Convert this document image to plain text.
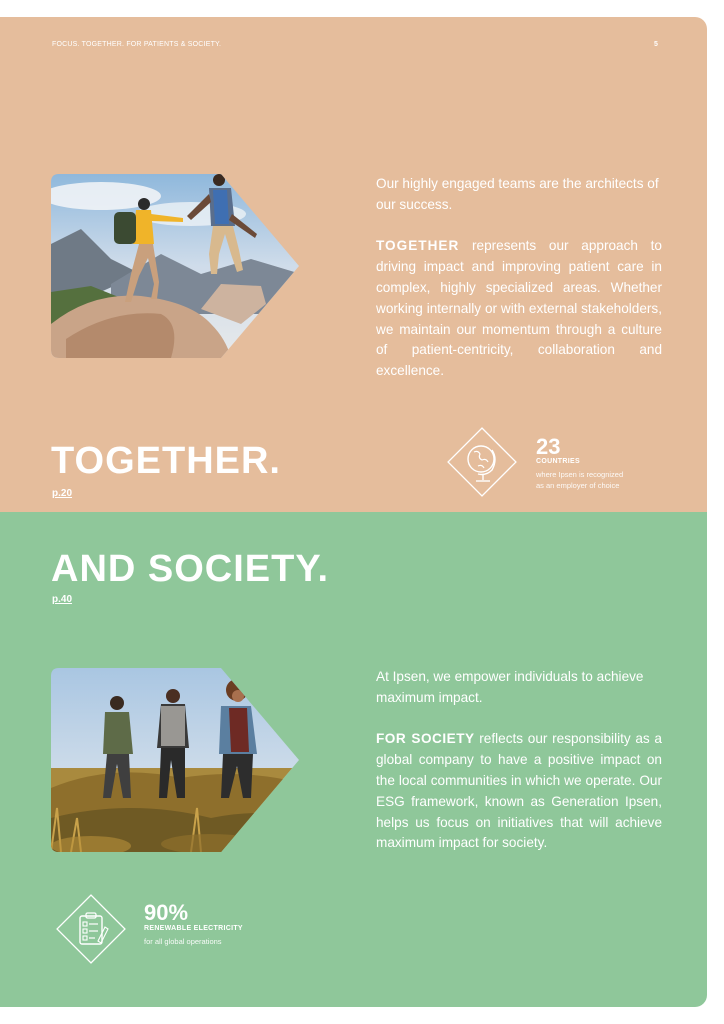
FOCUS. TOGETHER. FOR PATIENTS & SOCIETY.	5

Our highly engaged teams are the architects of our success.

TOGETHER represents our approach to driving impact and improving patient care in complex, highly specialized areas. Whether working internally or with external stakeholders, we maintain our momentum through a culture of patient-centricity, collaboration and excellence.

TOGETHER.
p.20
23
COUNTRIES
where Ipsen is recognized
as an employer of choice
AND SOCIETY.
p.40

At Ipsen, we empower individuals to achieve maximum impact.

FOR SOCIETY reflects our responsibility as a global company to have a positive impact on the local communities in which we operate. Our ESG framework, known as Generation Ipsen, helps us focus on initiatives that will achieve maximum impact for society.

90%
RENEWABLE ELECTRICITY
for all global operations
